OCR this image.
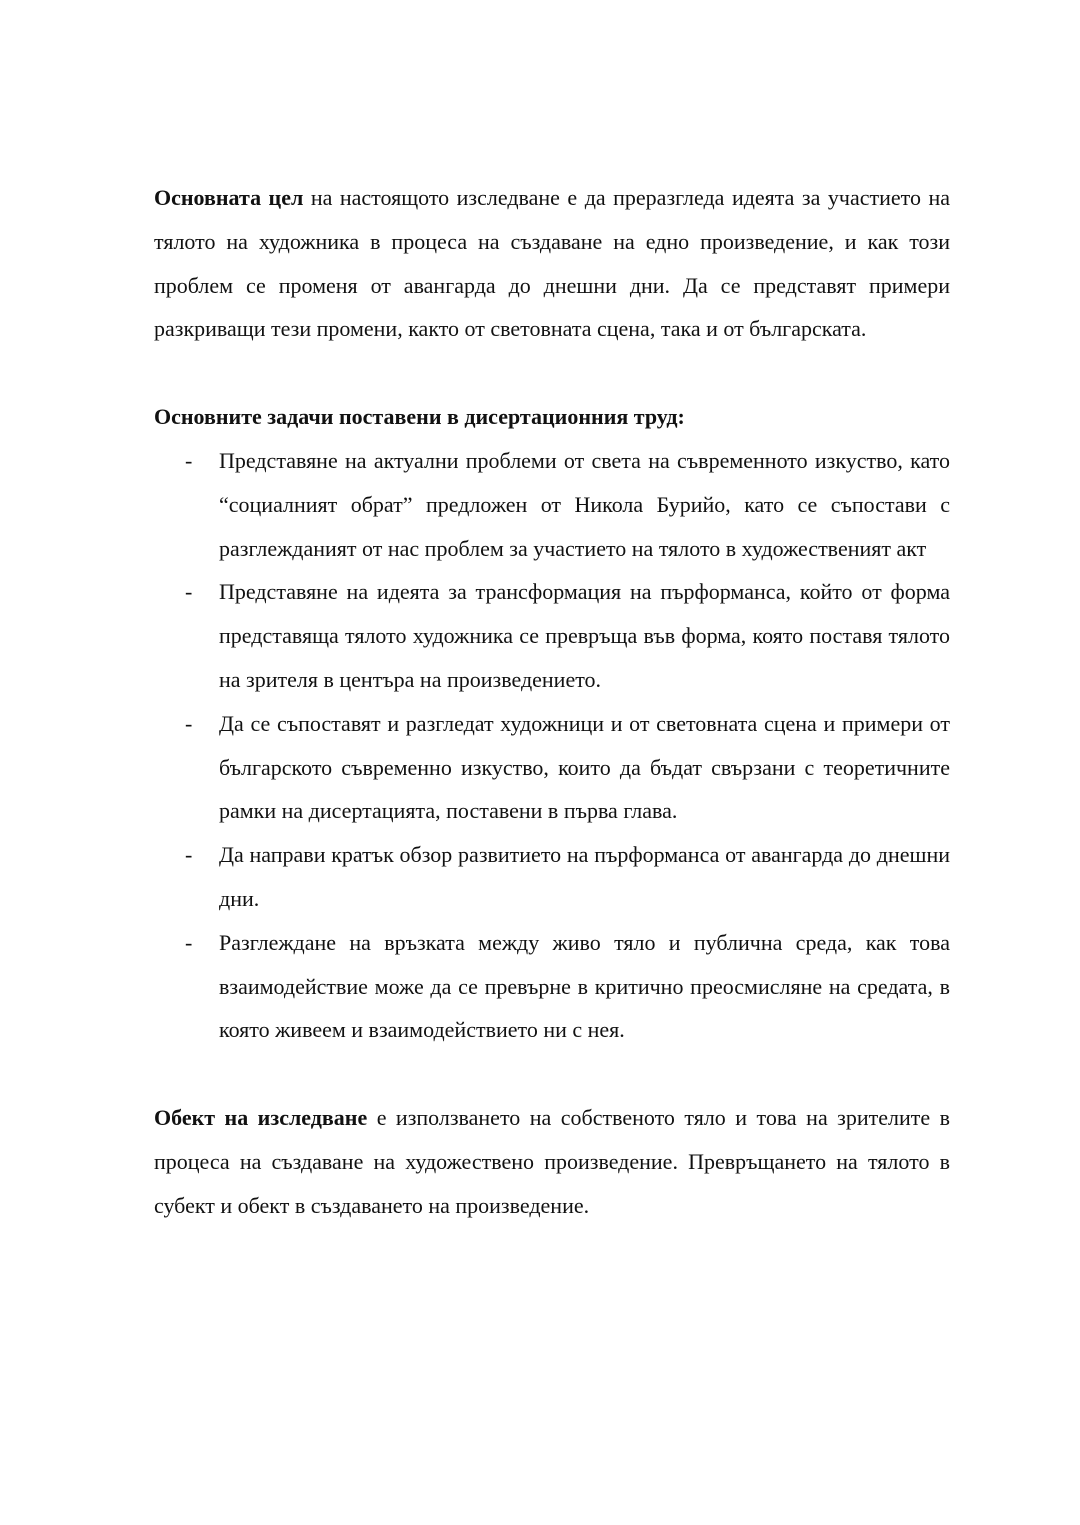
Основната цел на настоящото изследване е да преразгледа идеята за участието на тялото на художника в процеса на създаване на едно произведение, и как този проблем се променя от авангарда до днешни дни. Да се представят примери разкриващи тези промени, както от световната сцена, така и от българската.

Основните задачи поставени в дисертационния труд:

- Представяне на актуални проблеми от света на съвременното изкуство, като “социалният обрат” предложен от Никола Бурийо, като се съпостави с разглежданият от нас проблем за участието на тялото в художественият акт
- Представяне на идеята за трансформация на пърформанса, който от форма представяща тялото художника се превръща във форма, която поставя тялото на зрителя в центъра на произведението.
- Да се съпоставят и разгледат художници и от световната сцена и примери от българското съвременно изкуство, които да бъдат свързани с теоретичните рамки на дисертацията, поставени в първа глава.
- Да направи кратък обзор развитието на пърформанса от авангарда до днешни дни.
- Разглеждане на връзката между живо тяло и публична среда, как това взаимодействие може да се превърне в критично преосмисляне на средата, в която живеем и взаимодействието ни с нея.

Обект на изследване е използването на собственото тяло и това на зрителите в процеса на създаване на художествено произведение. Превръщането на тялото в субект и обект в създаването на произведение.
